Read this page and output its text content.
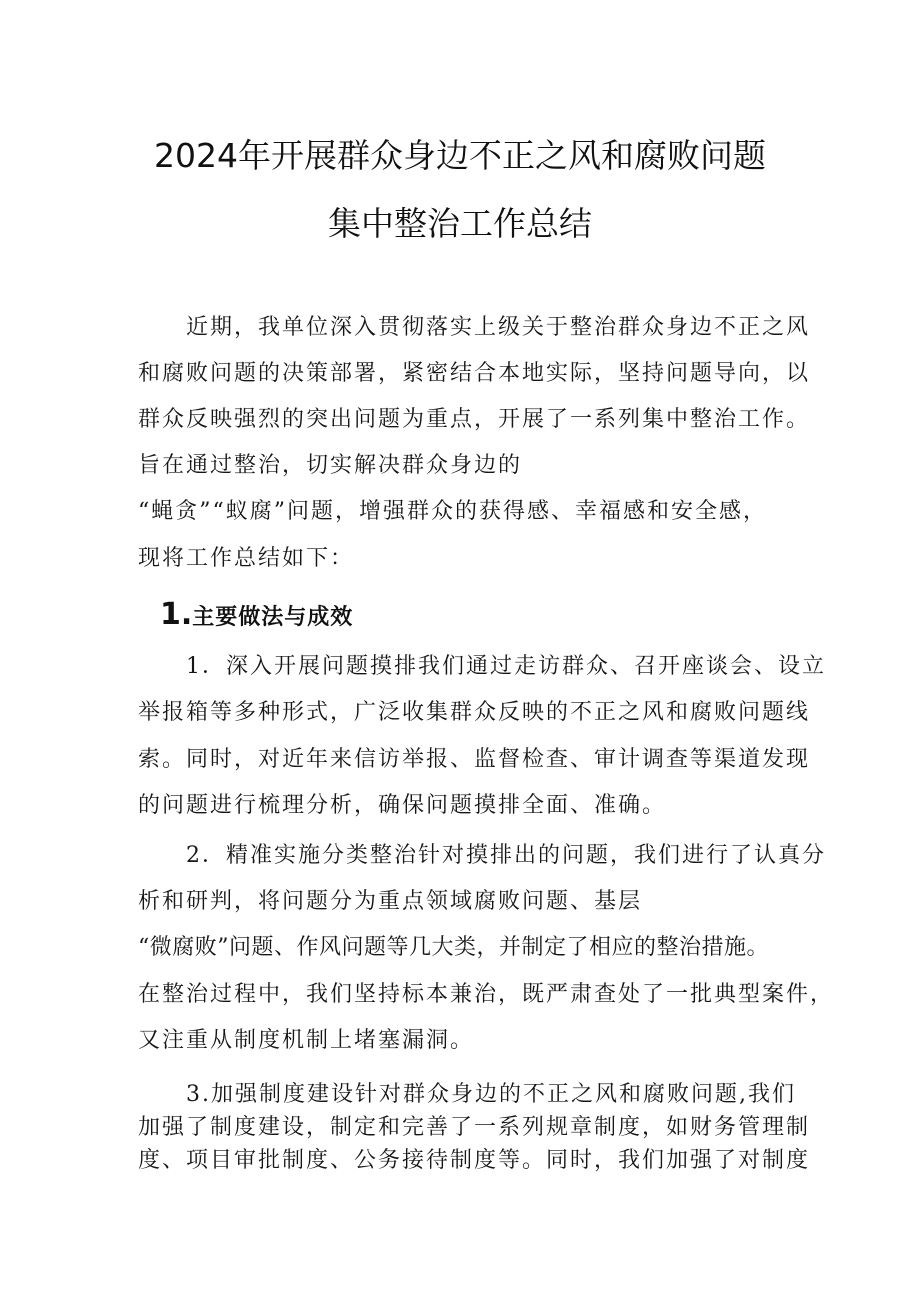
2024年开展群众身边不正之风和腐败问题
集中整治工作总结
近期，我单位深入贯彻落实上级关于整治群众身边不正之风
和腐败问题的决策部署，紧密结合本地实际，坚持问题导向，以
群众反映强烈的突出问题为重点，开展了一系列集中整治工作。
旨在通过整治，切实解决群众身边的
“蝇贪”“蚁腐”问题，增强群众的获得感、幸福感和安全感，
现将工作总结如下：
1.主要做法与成效
1．深入开展问题摸排我们通过走访群众、召开座谈会、设立
举报箱等多种形式，广泛收集群众反映的不正之风和腐败问题线
索。同时，对近年来信访举报、监督检查、审计调查等渠道发现
的问题进行梳理分析，确保问题摸排全面、准确。
2．精准实施分类整治针对摸排出的问题，我们进行了认真分
析和研判，将问题分为重点领域腐败问题、基层
“微腐败”问题、作风问题等几大类，并制定了相应的整治措施。
在整治过程中，我们坚持标本兼治，既严肃查处了一批典型案件，
又注重从制度机制上堵塞漏洞。
3.加强制度建设针对群众身边的不正之风和腐败问题,我们
加强了制度建设，制定和完善了一系列规章制度，如财务管理制
度、项目审批制度、公务接待制度等。同时，我们加强了对制度
